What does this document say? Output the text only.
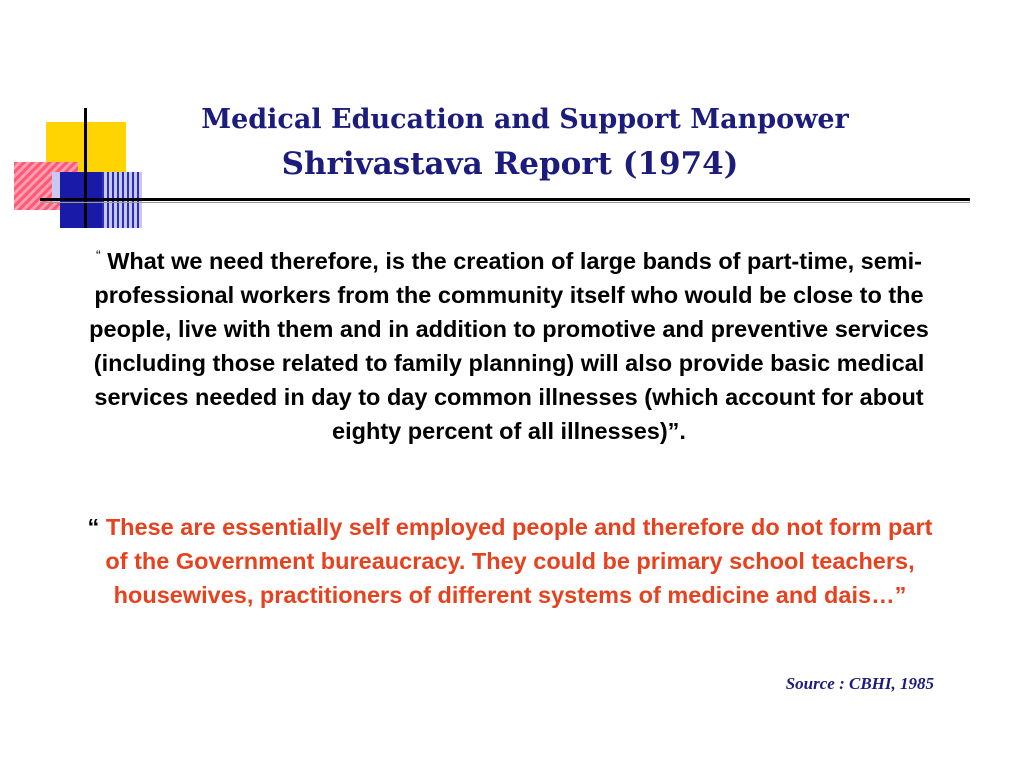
Medical Education and Support Manpower
Shrivastava Report (1974)
“ What we need therefore, is the creation of large bands of part-time, semi-professional workers from the community itself who would be close to the people, live with them and in addition to promotive and preventive services (including those related to family planning) will also provide basic medical services needed in day to day common illnesses (which account for about eighty percent of all illnesses)”.
“ These are essentially self employed people and therefore do not form part of the Government bureaucracy. They could be primary school teachers, housewives, practitioners of different systems of medicine and dais…”
Source : CBHI, 1985
